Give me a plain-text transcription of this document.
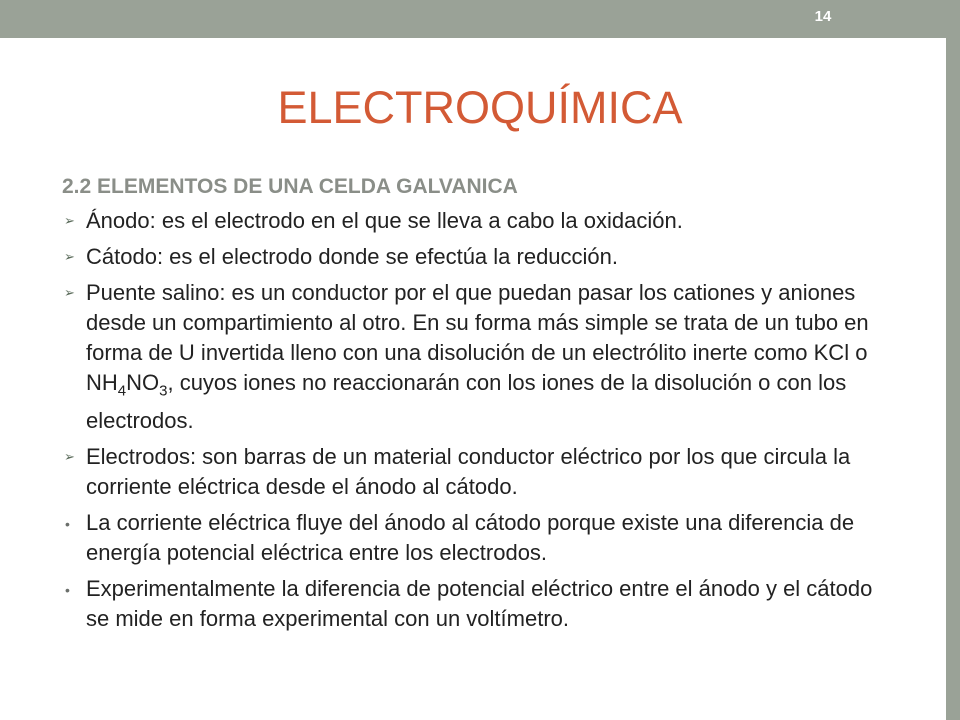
14
ELECTROQUÍMICA
2.2 ELEMENTOS DE UNA CELDA GALVANICA
➢ Ánodo: es el electrodo en el que se lleva a cabo la oxidación.
➢ Cátodo: es el electrodo donde se efectúa la reducción.
➢ Puente salino: es un conductor por el que puedan pasar los cationes y aniones desde un compartimiento al otro. En su forma más simple se trata de un tubo en forma de U invertida lleno con una disolución de un electrólito inerte como KCl o $NH_4NO_3$, cuyos iones no reaccionarán con los iones de la disolución o con los electrodos.
➢ Electrodos: son barras de un material conductor eléctrico por los que circula la corriente eléctrica desde el ánodo al cátodo.
• La corriente eléctrica fluye del ánodo al cátodo porque existe una diferencia de energía potencial eléctrica entre los electrodos.
• Experimentalmente la diferencia de potencial eléctrico entre el ánodo y el cátodo se mide en forma experimental con un voltímetro.
